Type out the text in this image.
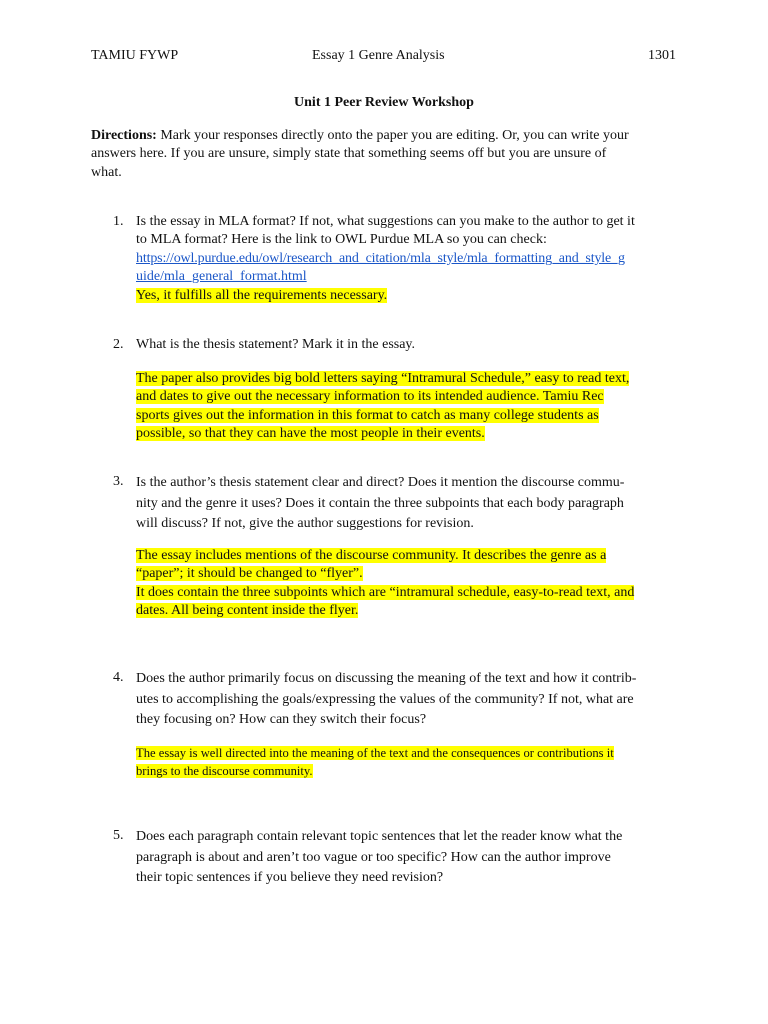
TAMIU FYWP	Essay 1 Genre Analysis	1301
Unit 1 Peer Review Workshop
Directions: Mark your responses directly onto the paper you are editing. Or, you can write your
answers here. If you are unsure, simply state that something seems off but you are unsure of
what.
1. Is the essay in MLA format? If not, what suggestions can you make to the author to get it
to MLA format? Here is the link to OWL Purdue MLA so you can check:
https://owl.purdue.edu/owl/research_and_citation/mla_style/mla_formatting_and_style_g
uide/mla_general_format.html
Yes, it fulfills all the requirements necessary.
2. What is the thesis statement? Mark it in the essay.
The paper also provides big bold letters saying “Intramural Schedule,” easy to read text,
and dates to give out the necessary information to its intended audience. Tamiu Rec
sports gives out the information in this format to catch as many college students as
possible, so that they can have the most people in their events.
3. Is the author’s thesis statement clear and direct? Does it mention the discourse commu-
nity and the genre it uses? Does it contain the three subpoints that each body paragraph
will discuss? If not, give the author suggestions for revision.
The essay includes mentions of the discourse community. It describes the genre as a
“paper”; it should be changed to “flyer”.
It does contain the three subpoints which are “intramural schedule, easy-to-read text, and
dates. All being content inside the flyer.
4. Does the author primarily focus on discussing the meaning of the text and how it contrib-
utes to accomplishing the goals/expressing the values of the community? If not, what are
they focusing on? How can they switch their focus?
The essay is well directed into the meaning of the text and the consequences or contributions it
brings to the discourse community.
5. Does each paragraph contain relevant topic sentences that let the reader know what the
paragraph is about and aren’t too vague or too specific? How can the author improve
their topic sentences if you believe they need revision?
